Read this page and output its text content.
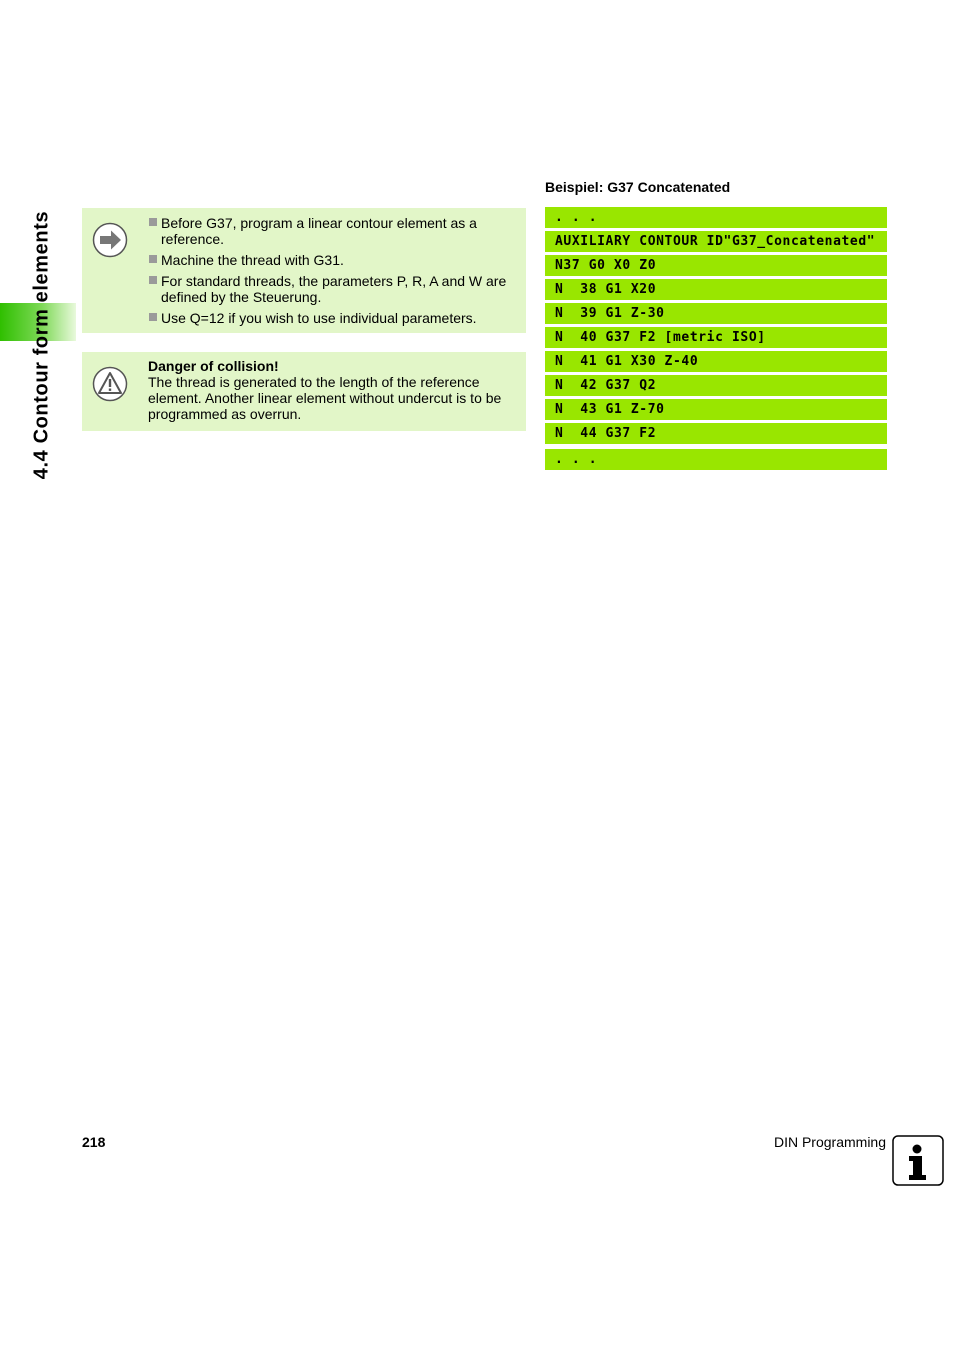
4.4 Contour form elements	Before G37, program a linear contour element as a reference.
Machine the thread with G31.
For standard threads, the parameters P, R, A and W are defined by the Steuerung.
Use Q=12 if you wish to use individual parameters.
Danger of collision!
The thread is generated to the length of the reference element. Another linear element without undercut is to be programmed as overrun.
Beispiel: G37 Concatenated
. . .
AUXILIARY CONTOUR ID"G37_Concatenated"
N37 G0 X0 Z0
N  38 G1 X20
N  39 G1 Z-30
N  40 G37 F2 [metric ISO]
N  41 G1 X30 Z-40
N  42 G37 Q2
N  43 G1 Z-70
N  44 G37 F2
. . .
218	DIN Programming
